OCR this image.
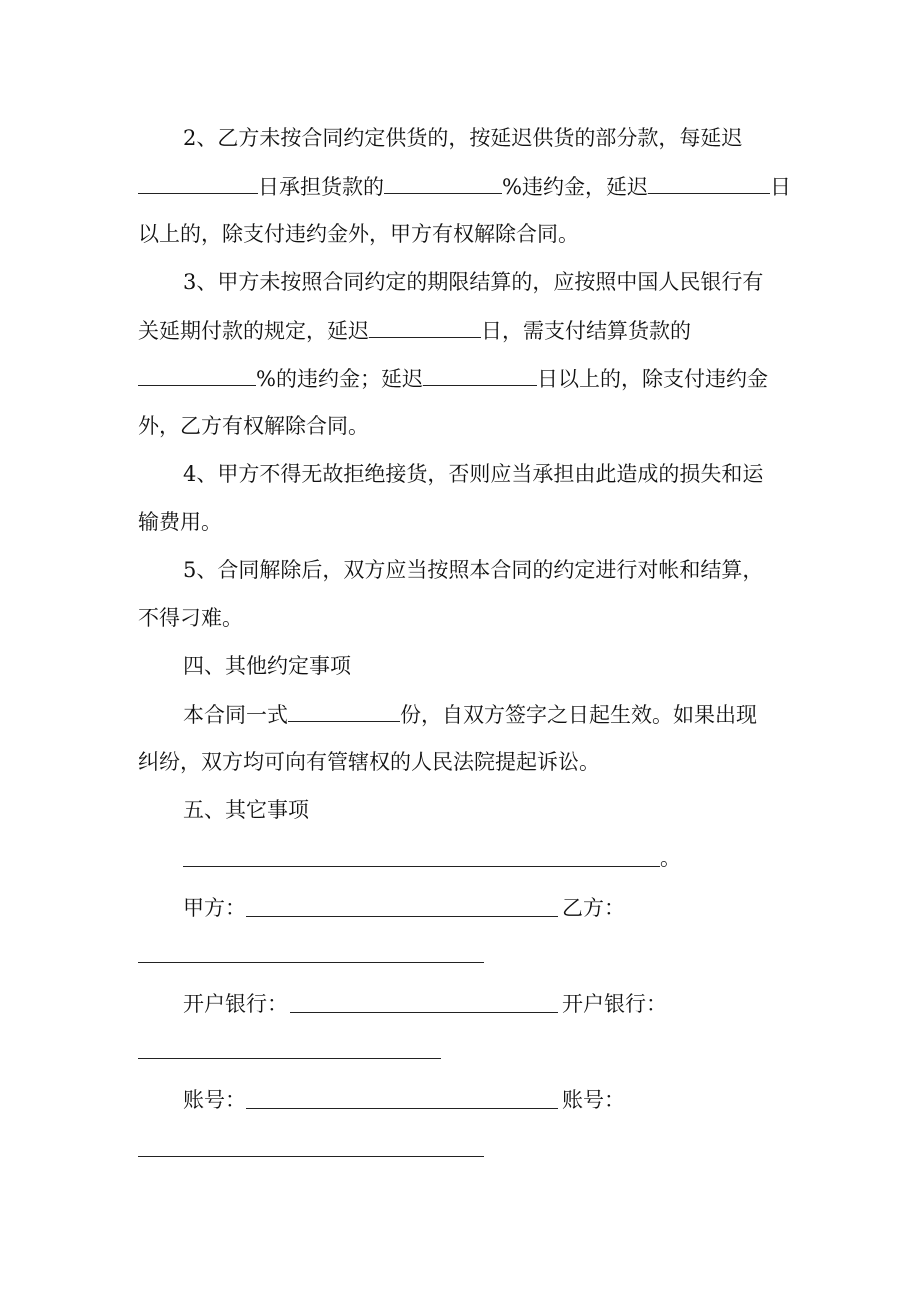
2、乙方未按合同约定供货的，按延迟供货的部分款，每延迟
日承担货款的	%违约金，延迟	日
以上的，除支付违约金外，甲方有权解除合同。
3、甲方未按照合同约定的期限结算的，应按照中国人民银行有
关延期付款的规定，延迟	日，需支付结算货款的
%的违约金；延迟	日以上的，除支付违约金
外，乙方有权解除合同。
4、甲方不得无故拒绝接货，否则应当承担由此造成的损失和运
输费用。
5、合同解除后，双方应当按照本合同的约定进行对帐和结算，
不得刁难。
四、其他约定事项
本合同一式	份，自双方签字之日起生效。如果出现
纠纷，双方均可向有管辖权的人民法院提起诉讼。
五、其它事项
。
甲方：	乙方：
开户银行：	开户银行：
账号：	账号：
